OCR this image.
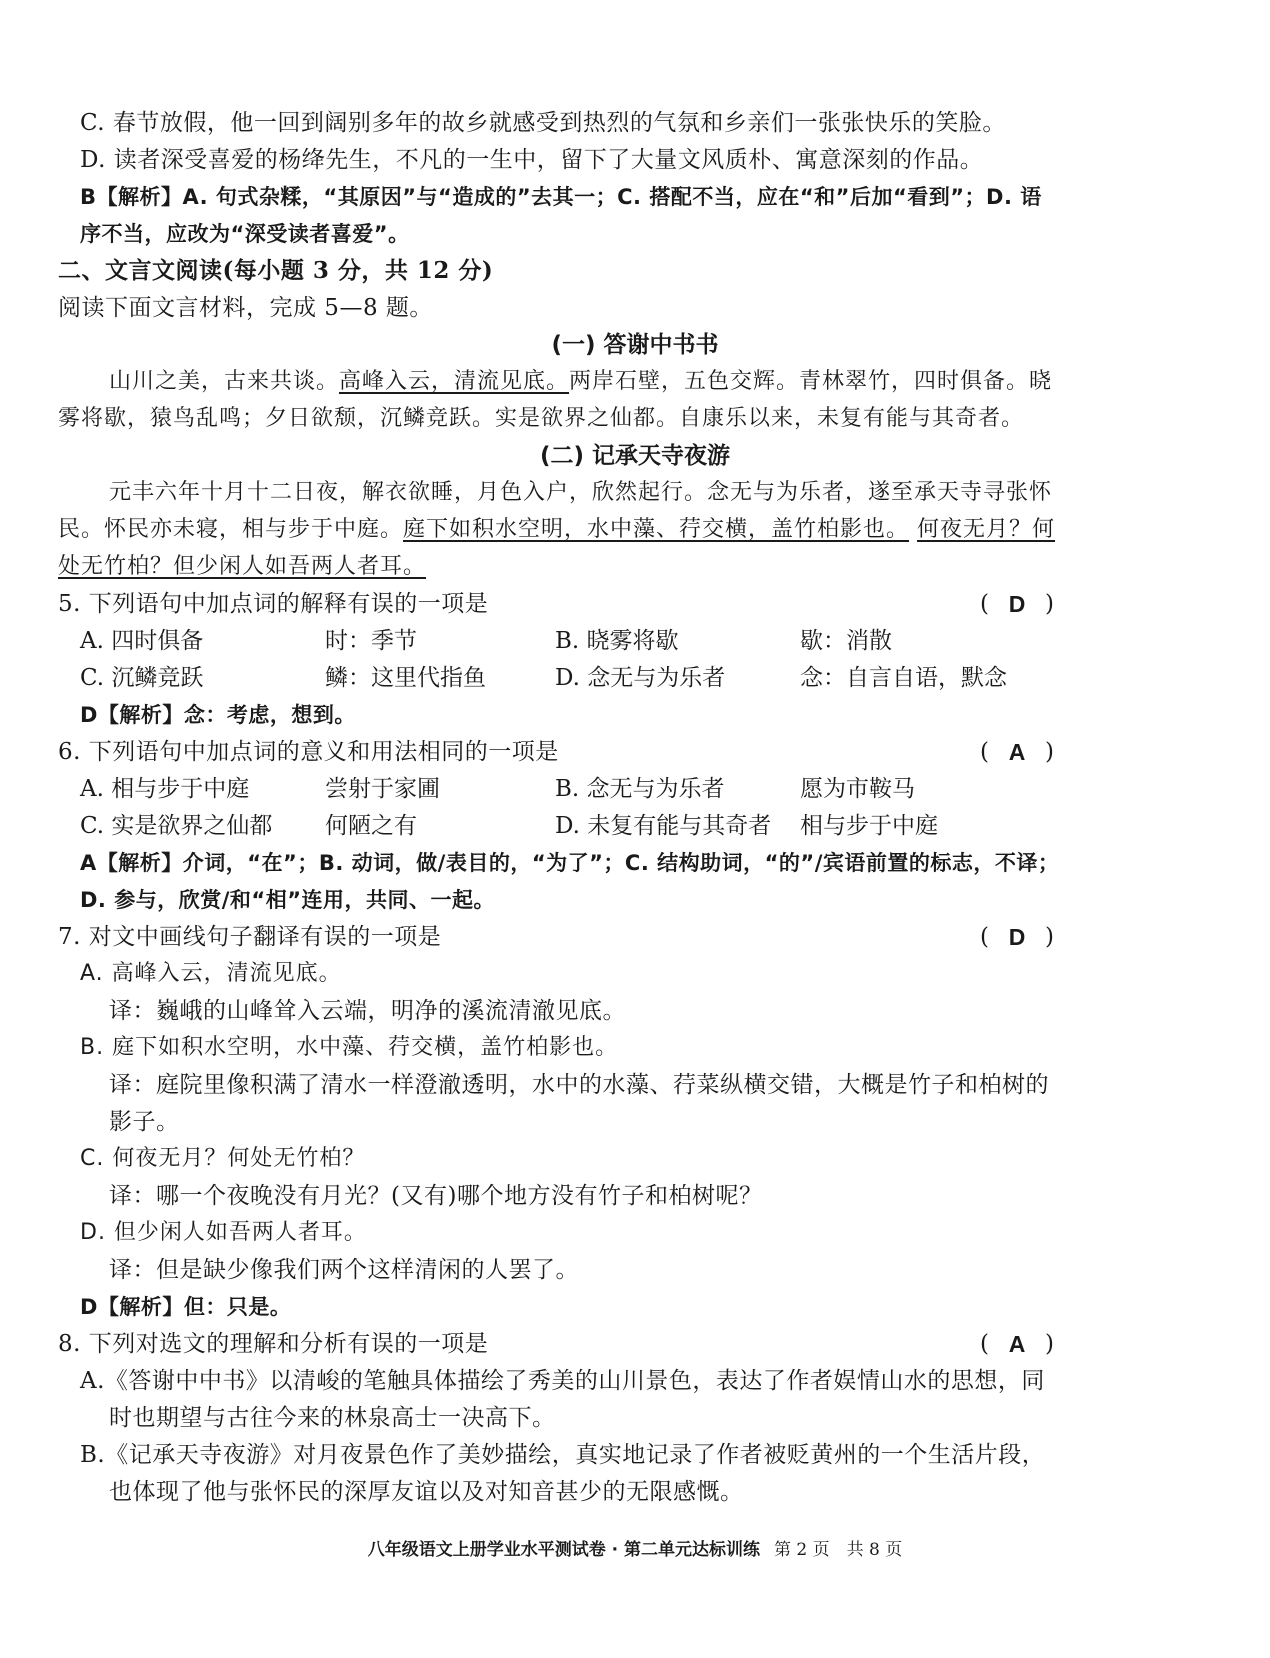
C. 春节放假，他一回到阔别多年的故乡就感受到热烈的气氛和乡亲们一张张快乐的笑脸。
D. 读者深受喜爱的杨绛先生，不凡的一生中，留下了大量文风质朴、寓意深刻的作品。
B【解析】A. 句式杂糅，“其原因”与“造成的”去其一；C. 搭配不当，应在“和”后加“看到”；D. 语
序不当，应改为“深受读者喜爱”。
二、文言文阅读(每小题 3 分，共 12 分)
阅读下面文言材料，完成 5—8 题。
(一) 答谢中书书
山川之美，古来共谈。高峰入云，清流见底。两岸石壁，五色交辉。青林翠竹，四时俱备。晓
雾将歇，猿鸟乱鸣；夕日欲颓，沉鳞竞跃。实是欲界之仙都。自康乐以来，未复有能与其奇者。
(二) 记承天寺夜游
元丰六年十月十二日夜，解衣欲睡，月色入户，欣然起行。念无与为乐者，遂至承天寺寻张怀
民。怀民亦未寝，相与步于中庭。庭下如积水空明，水中藻、荇交横，盖竹柏影也。 何夜无月？何
处无竹柏？但少闲人如吾两人者耳。
5. 下列语句中加点词的解释有误的一项是	( D )
A. 四时俱备	时：季节	B. 晓雾将歇	歇：消散
C. 沉鳞竞跃	鳞：这里代指鱼	D. 念无与为乐者	念：自言自语，默念
D【解析】念：考虑，想到。
6. 下列语句中加点词的意义和用法相同的一项是	( A )
A. 相与步于中庭	尝射于家圃	B. 念无与为乐者	愿为市鞍马
C. 实是欲界之仙都 何陋之有	D. 未复有能与其奇者 相与步于中庭
A【解析】介词，“在”；B. 动词，做/表目的，“为了”；C. 结构助词，“的”/宾语前置的标志，不译；
D. 参与，欣赏/和“相”连用，共同、一起。
7. 对文中画线句子翻译有误的一项是	( D )
A. 高峰入云，清流见底。
译：巍峨的山峰耸入云端，明净的溪流清澈见底。
B. 庭下如积水空明，水中藻、荇交横，盖竹柏影也。
译：庭院里像积满了清水一样澄澈透明，水中的水藻、荇菜纵横交错，大概是竹子和柏树的
影子。
C. 何夜无月？何处无竹柏？
译：哪一个夜晚没有月光？(又有)哪个地方没有竹子和柏树呢？
D. 但少闲人如吾两人者耳。
译：但是缺少像我们两个这样清闲的人罢了。
D【解析】但：只是。
8. 下列对选文的理解和分析有误的一项是	( A )
A.《答谢中中书》以清峻的笔触具体描绘了秀美的山川景色，表达了作者娱情山水的思想，同
时也期望与古往今来的林泉高士一决高下。
B.《记承天寺夜游》对月夜景色作了美妙描绘，真实地记录了作者被贬黄州的一个生活片段，
也体现了他与张怀民的深厚友谊以及对知音甚少的无限感慨。
八年级语文上册学业水平测试卷 · 第二单元达标训练 第 2 页　共 8 页
